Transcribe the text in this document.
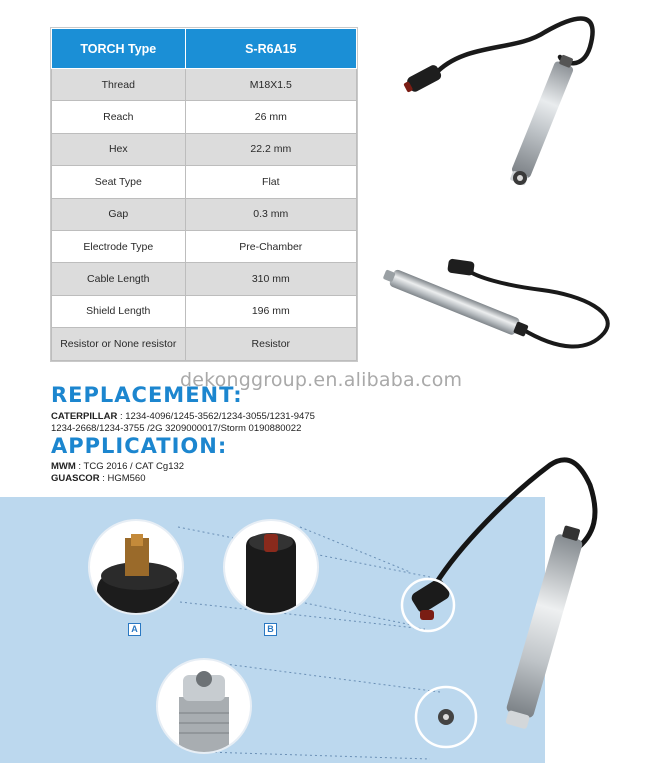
TORCH Type	S-R6A15
Thread	M18X1.5
Reach	26 mm
Hex	22.2 mm
Seat Type	Flat
Gap	0.3 mm
Electrode Type	Pre-Chamber
Cable Length	310 mm
Shield Length	196 mm
Resistor or None resistor	Resistor
dekonggroup.en.alibaba.com
REPLACEMENT:
CATERPILLAR : 1234-4096/1245-3562/1234-3055/1231-9475
1234-2668/1234-3755 /2G 3209000017/Storm 0190880022
APPLICATION:
MWM : TCG 2016 / CAT Cg132
GUASCOR : HGM560
A	B
